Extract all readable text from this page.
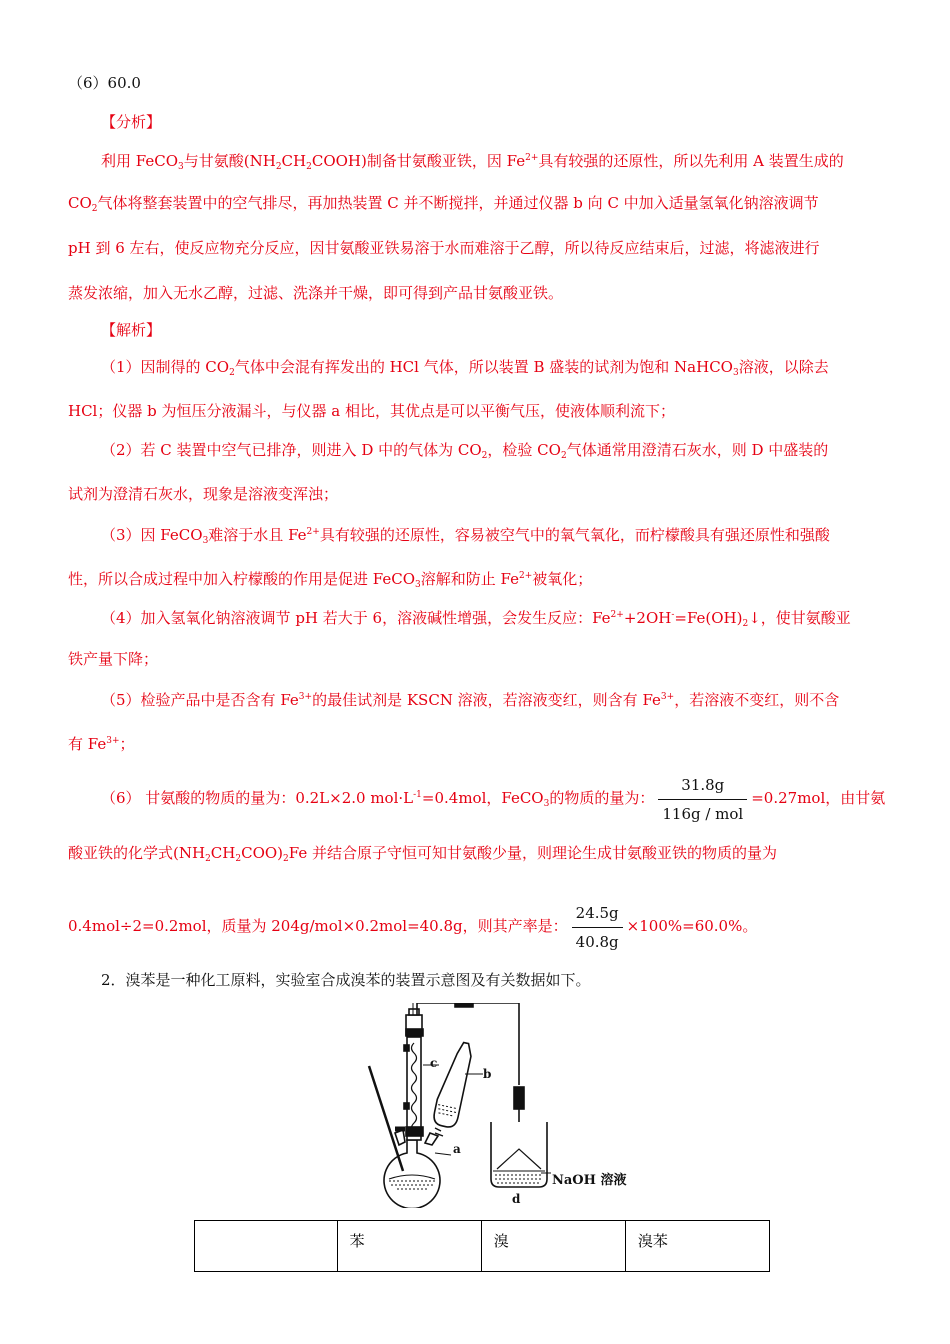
（6）60.0
【分析】
利用 FeCO$_3$与甘氨酸$(NH_2CH_2COOH)$制备甘氨酸亚铁，因 $Fe^{2+}$具有较强的还原性，所以先利用 A 装置生成的
$CO_2$气体将整套装置中的空气排尽，再加热装置 C 并不断搅拌，并通过仪器 b 向 C 中加入适量氢氧化钠溶液调节
pH 到 6 左右，使反应物充分反应，因甘氨酸亚铁易溶于水而难溶于乙醇，所以待反应结束后，过滤，将滤液进行
蒸发浓缩，加入无水乙醇，过滤、洗涤并干燥，即可得到产品甘氨酸亚铁。
【解析】
（1）因制得的 $CO_2$气体中会混有挥发出的 HCl 气体，所以装置 B 盛装的试剂为饱和 NaHCO$_3$溶液，以除去
HCl；仪器 b 为恒压分液漏斗，与仪器 a 相比，其优点是可以平衡气压，使液体顺利流下；
（2）若 C 装置中空气已排净，则进入 D 中的气体为 $CO_2$，检验 $CO_2$气体通常用澄清石灰水，则 D 中盛装的
试剂为澄清石灰水，现象是溶液变浑浊；
（3）因 FeCO$_3$难溶于水且 $Fe^{2+}$具有较强的还原性，容易被空气中的氧气氧化，而柠檬酸具有强还原性和强酸
性，所以合成过程中加入柠檬酸的作用是促进 FeCO$_3$溶解和防止 $Fe^{2+}$被氧化；
（4）加入氢氧化钠溶液调节 pH 若大于 6，溶液碱性增强，会发生反应：$Fe^{2+}+2OH^-=Fe(OH)_2↓$，使甘氨酸亚
铁产量下降；
（5）检验产品中是否含有 $Fe^{3+}$的最佳试剂是 KSCN 溶液，若溶液变红，则含有 $Fe^{3+}$，若溶液不变红，则不含
有 $Fe^{3+}$；
（6） 甘氨酸的物质的量为：0.2L×2.0 $mol\cdot L^{-1}=0.4mol$，FeCO$_3$的物质的量为： $\frac{31.8g}{\text{116g / mol}} =0.27mol$，由甘氨
酸亚铁的化学式$(NH_2CH_2COO)_2Fe$ 并结合原子守恒可知甘氨酸少量，则理论生成甘氨酸亚铁的物质的量为
0.4mol÷2=0.2mol，质量为 204g/mol×0.2mol=40.8g，则其产率是： $\frac{24.5g}{40.8g} \times 100\%=60.0\%$。
2．溴苯是一种化工原料，实验室合成溴苯的装置示意图及有关数据如下。
c
b
a
NaOH 溶液
d
	苯	溴	溴苯
